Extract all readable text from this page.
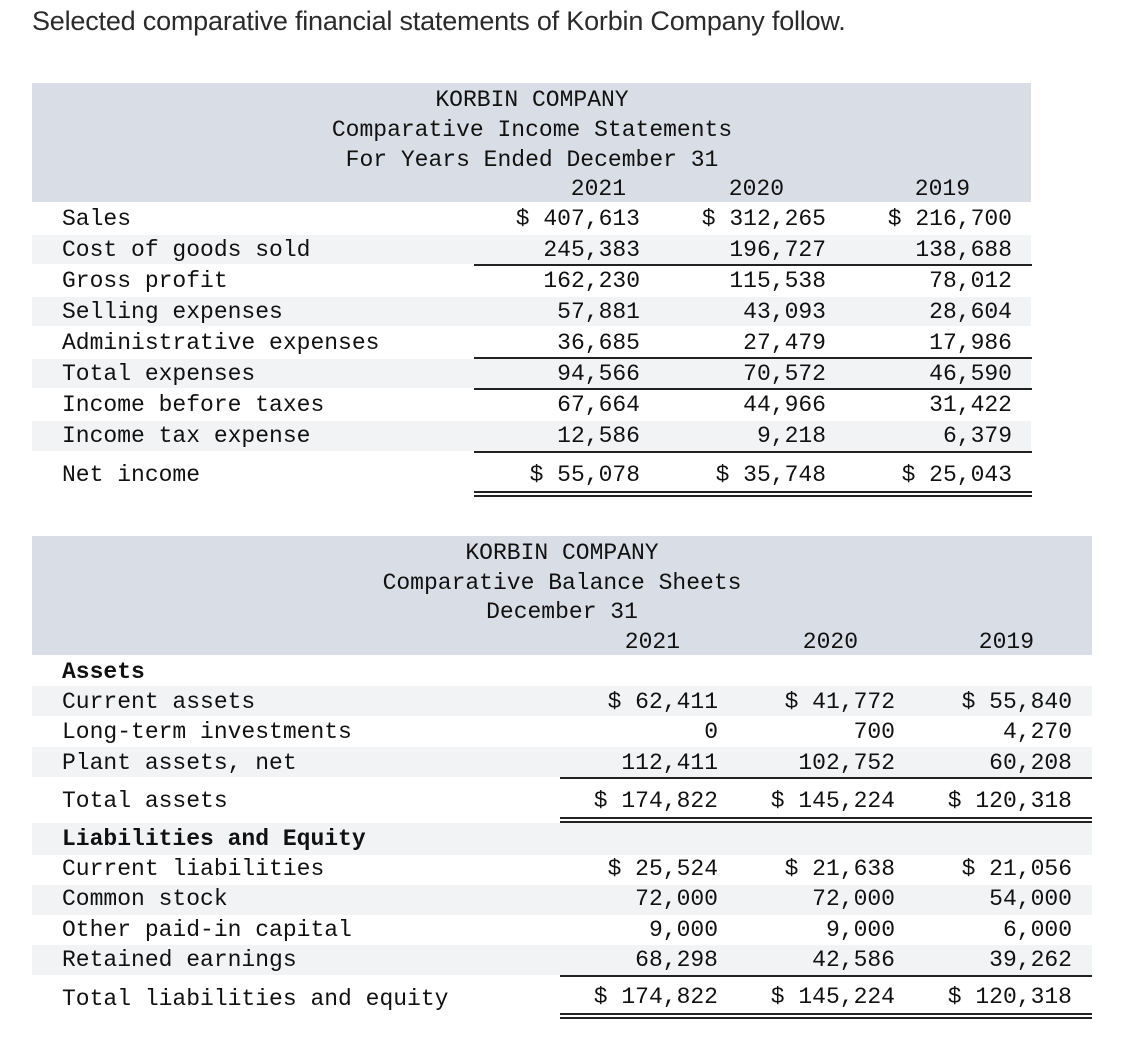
Selected comparative financial statements of Korbin Company follow.
KORBIN COMPANY
Comparative Income Statements
For Years Ended December 31
2021	2020	2019
Sales	$ 407,613	$ 312,265	$ 216,700
Cost of goods sold	245,383	196,727	138,688
Gross profit	162,230	115,538	78,012
Selling expenses	57,881	43,093	28,604
Administrative expenses	36,685	27,479	17,986
Total expenses	94,566	70,572	46,590
Income before taxes	67,664	44,966	31,422
Income tax expense	12,586	9,218	6,379
Net income	$ 55,078	$ 35,748	$ 25,043
KORBIN COMPANY
Comparative Balance Sheets
December 31
2021	2020	2019
Assets
Current assets	$ 62,411	$ 41,772	$ 55,840
Long-term investments	0	700	4,270
Plant assets, net	112,411	102,752	60,208
Total assets	$ 174,822	$ 145,224	$ 120,318
Liabilities and Equity
Current liabilities	$ 25,524	$ 21,638	$ 21,056
Common stock	72,000	72,000	54,000
Other paid-in capital	9,000	9,000	6,000
Retained earnings	68,298	42,586	39,262
Total liabilities and equity	$ 174,822	$ 145,224	$ 120,318
